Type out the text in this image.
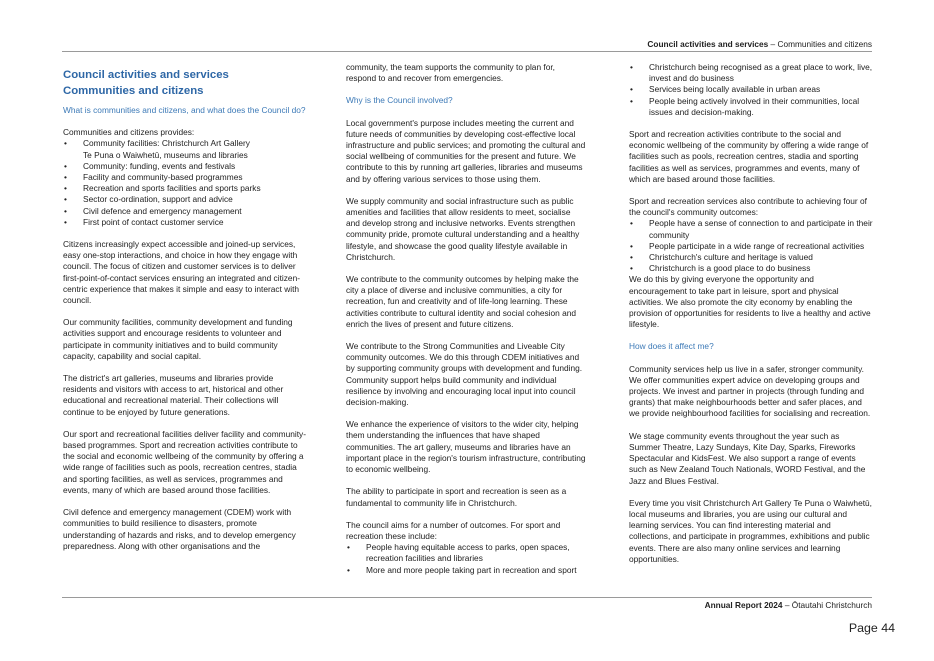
Council activities and services – Communities and citizens
Council activities and services
Communities and citizens
What is communities and citizens, and what does the Council do?
Communities and citizens provides:
• Community facilities: Christchurch Art Gallery
Te Puna o Waiwhetū, museums and libraries
• Community: funding, events and festivals
• Facility and community-based programmes
• Recreation and sports facilities and sports parks
• Sector co-ordination, support and advice
• Civil defence and emergency management
• First point of contact customer service

Citizens increasingly expect accessible and joined-up services, easy one-stop interactions, and choice in how they engage with council. The focus of citizen and customer services is to deliver first-point-of-contact services ensuring an integrated and citizen-centric experience that makes it simple and easy to interact with council.

Our community facilities, community development and funding activities support and encourage residents to volunteer and participate in community initiatives and to build community capacity, capability and social capital.

The district's art galleries, museums and libraries provide residents and visitors with access to art, historical and other educational and recreational material. Their collections will continue to be enjoyed by future generations.

Our sport and recreational facilities deliver facility and community-based programmes. Sport and recreation activities contribute to the social and economic wellbeing of the community by offering a wide range of facilities such as pools, recreation centres, stadia and sporting facilities, as well as services, programmes and events, many of which are based around those facilities.

Civil defence and emergency management (CDEM) work with communities to build resilience to disasters, promote understanding of hazards and risks, and to develop emergency preparedness. Along with other organisations and the

community, the team supports the community to plan for, respond to and recover from emergencies.

Why is the Council involved?

Local government's purpose includes meeting the current and future needs of communities by developing cost-effective local infrastructure and public services; and promoting the cultural and social wellbeing of communities for the present and future. We contribute to this by running art galleries, libraries and museums and by offering various services to those using them.

We supply community and social infrastructure such as public amenities and facilities that allow residents to meet, socialise and develop strong and inclusive networks. Events strengthen community pride, promote cultural understanding and a healthy lifestyle, and showcase the good quality lifestyle available in Christchurch.

We contribute to the community outcomes by helping make the city a place of diverse and inclusive communities, a city for recreation, fun and creativity and of life-long learning. These activities contribute to cultural identity and social cohesion and enrich the lives of present and future citizens.

We contribute to the Strong Communities and Liveable City community outcomes. We do this through CDEM initiatives and by supporting community groups with development and funding. Community support helps build community and individual resilience by involving and encouraging local input into council decision-making.

We enhance the experience of visitors to the wider city, helping them understanding the influences that have shaped communities. The art gallery, museums and libraries have an important place in the region's tourism infrastructure, contributing to economic wellbeing.

The ability to participate in sport and recreation is seen as a fundamental to community life in Christchurch.

The council aims for a number of outcomes. For sport and recreation these include:
• People having equitable access to parks, open spaces, recreation facilities and libraries
• More and more people taking part in recreation and sport
• Christchurch being recognised as a great place to work, live, invest and do business
• Services being locally available in urban areas
• People being actively involved in their communities, local issues and decision-making.

Sport and recreation activities contribute to the social and economic wellbeing of the community by offering a wide range of facilities such as pools, recreation centres, stadia and sporting facilities as well as services, programmes and events, many of which are based around those facilities.

Sport and recreation services also contribute to achieving four of the council's community outcomes:
• People have a sense of connection to and participate in their community
• People participate in a wide range of recreational activities
• Christchurch's culture and heritage is valued
• Christchurch is a good place to do business

We do this by giving everyone the opportunity and encouragement to take part in leisure, sport and physical activities. We also promote the city economy by enabling the provision of opportunities for residents to live a healthy and active lifestyle.

How does it affect me?

Community services help us live in a safer, stronger community. We offer communities expert advice on developing groups and projects. We invest and partner in projects (through funding and grants) that make neighbourhoods better and safer places, and we provide neighbourhood facilities for socialising and recreation.

We stage community events throughout the year such as Summer Theatre, Lazy Sundays, Kite Day, Sparks, Fireworks Spectacular and KidsFest. We also support a range of events such as New Zealand Touch Nationals, WORD Festival, and the Jazz and Blues Festival.

Every time you visit Christchurch Art Gallery Te Puna o Waiwhetū, local museums and libraries, you are using our cultural and learning services. You can find interesting material and collections, and participate in programmes, exhibitions and public events. There are also many online services and learning opportunities.

Annual Report 2024 – Ōtautahi Christchurch
Page 44
